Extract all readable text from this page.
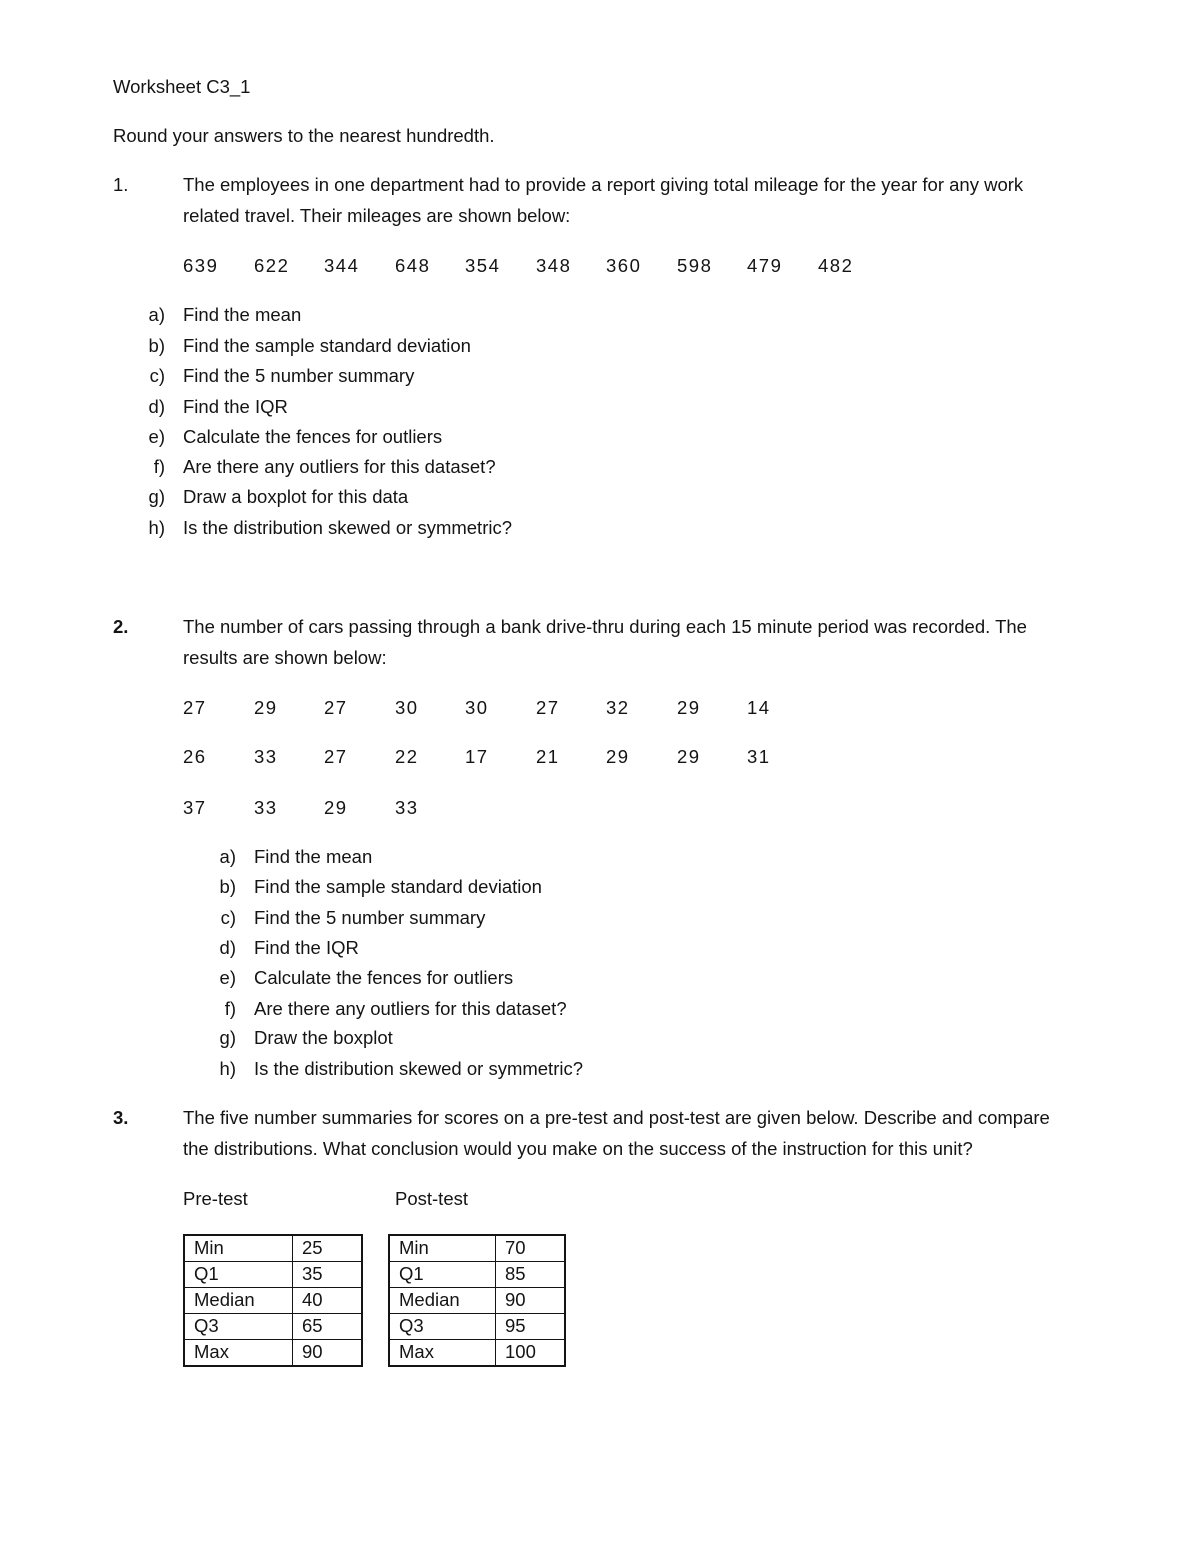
Worksheet C3_1
Round your answers to the nearest hundredth.
1.	The employees in one department had to provide a report giving total mileage for the year for any work
related travel. Their mileages are shown below:
639 622 344 648 354 348 360 598 479 482
a) Find the mean
b) Find the sample standard deviation
c) Find the 5 number summary
d) Find the IQR
e) Calculate the fences for outliers
f) Are there any outliers for this dataset?
g) Draw a boxplot for this data
h) Is the distribution skewed or symmetric?
2.	The number of cars passing through a bank drive-thru during each 15 minute period was recorded. The
results are shown below:
27	29	27	30	30	27	32	29	14
26	33	27	22	17	21	29	29	31
37	33	29	33
a) Find the mean
b) Find the sample standard deviation
c) Find the 5 number summary
d) Find the IQR
e) Calculate the fences for outliers
f) Are there any outliers for this dataset?
g) Draw the boxplot
h) Is the distribution skewed or symmetric?
3.	The five number summaries for scores on a pre-test and post-test are given below. Describe and compare
the distributions. What conclusion would you make on the success of the instruction for this unit?
Pre-test	Post-test
Min	25
Q1	35
Median	40
Q3	65
Max	90
Min	70
Q1	85
Median	90
Q3	95
Max	100
